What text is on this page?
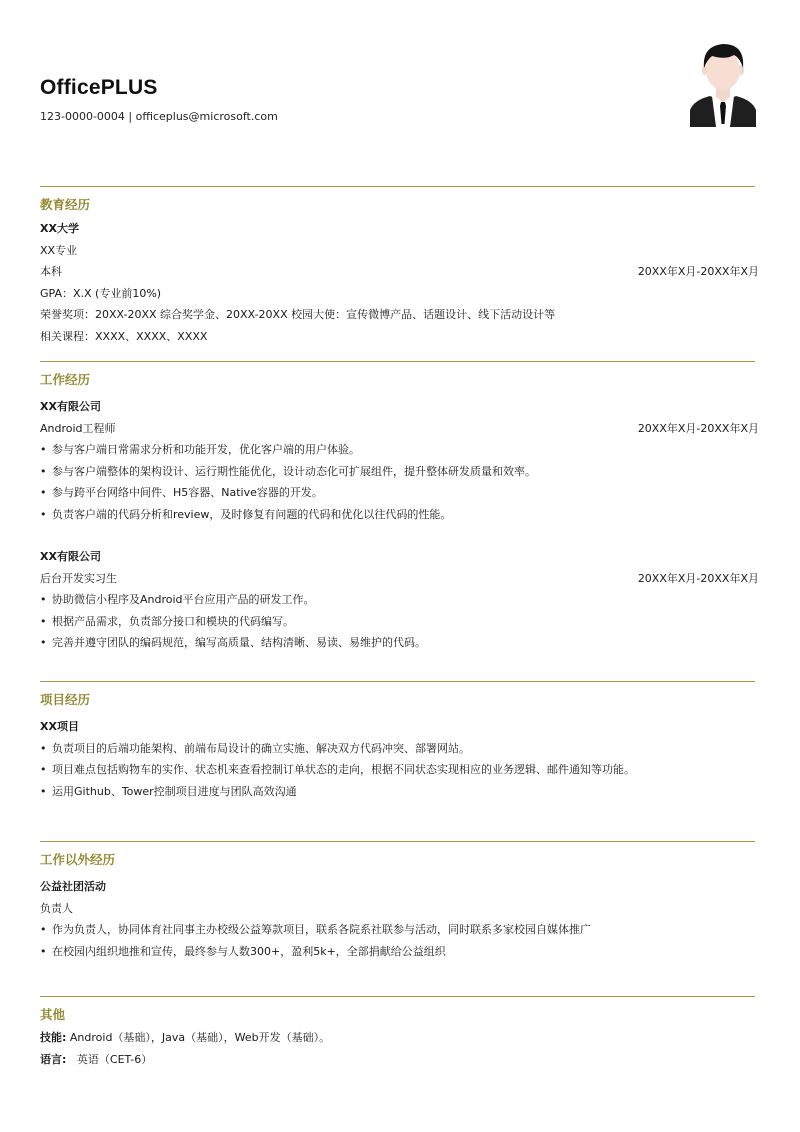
OfficePLUS
123-0000-0004 | officeplus@microsoft.com
教育经历
XX大学
XX专业
本科	20XX年X月-20XX年X月
GPA：X.X (专业前10%)
荣誉奖项：20XX-20XX 综合奖学金、20XX-20XX 校园大使：宣传微博产品、话题设计、线下活动设计等
相关课程：XXXX、XXXX、XXXX
工作经历
XX有限公司
Android工程师	20XX年X月-20XX年X月
• 参与客户端日常需求分析和功能开发，优化客户端的用户体验。
• 参与客户端整体的架构设计、运行期性能优化，设计动态化可扩展组件，提升整体研发质量和效率。
• 参与跨平台网络中间件、H5容器、Native容器的开发。
• 负责客户端的代码分析和review，及时修复有问题的代码和优化以往代码的性能。
XX有限公司
后台开发实习生	20XX年X月-20XX年X月
• 协助微信小程序及Android平台应用产品的研发工作。
• 根据产品需求，负责部分接口和模块的代码编写。
• 完善并遵守团队的编码规范，编写高质量、结构清晰、易读、易维护的代码。
项目经历
XX项目
• 负责项目的后端功能架构、前端布局设计的确立实施、解决双方代码冲突、部署网站。
• 项目难点包括购物车的实作、状态机来查看控制订单状态的走向，根据不同状态实现相应的业务逻辑、邮件通知等功能。
• 运用Github、Tower控制项目进度与团队高效沟通
工作以外经历
公益社团活动
负责人
• 作为负责人，协同体育社同事主办校级公益筹款项目，联系各院系社联参与活动，同时联系多家校园自媒体推广
• 在校园内组织地推和宣传，最终参与人数300+，盈利5k+，全部捐献给公益组织
其他
技能: Android（基础），Java（基础），Web开发（基础）。
语言:   英语（CET-6）
